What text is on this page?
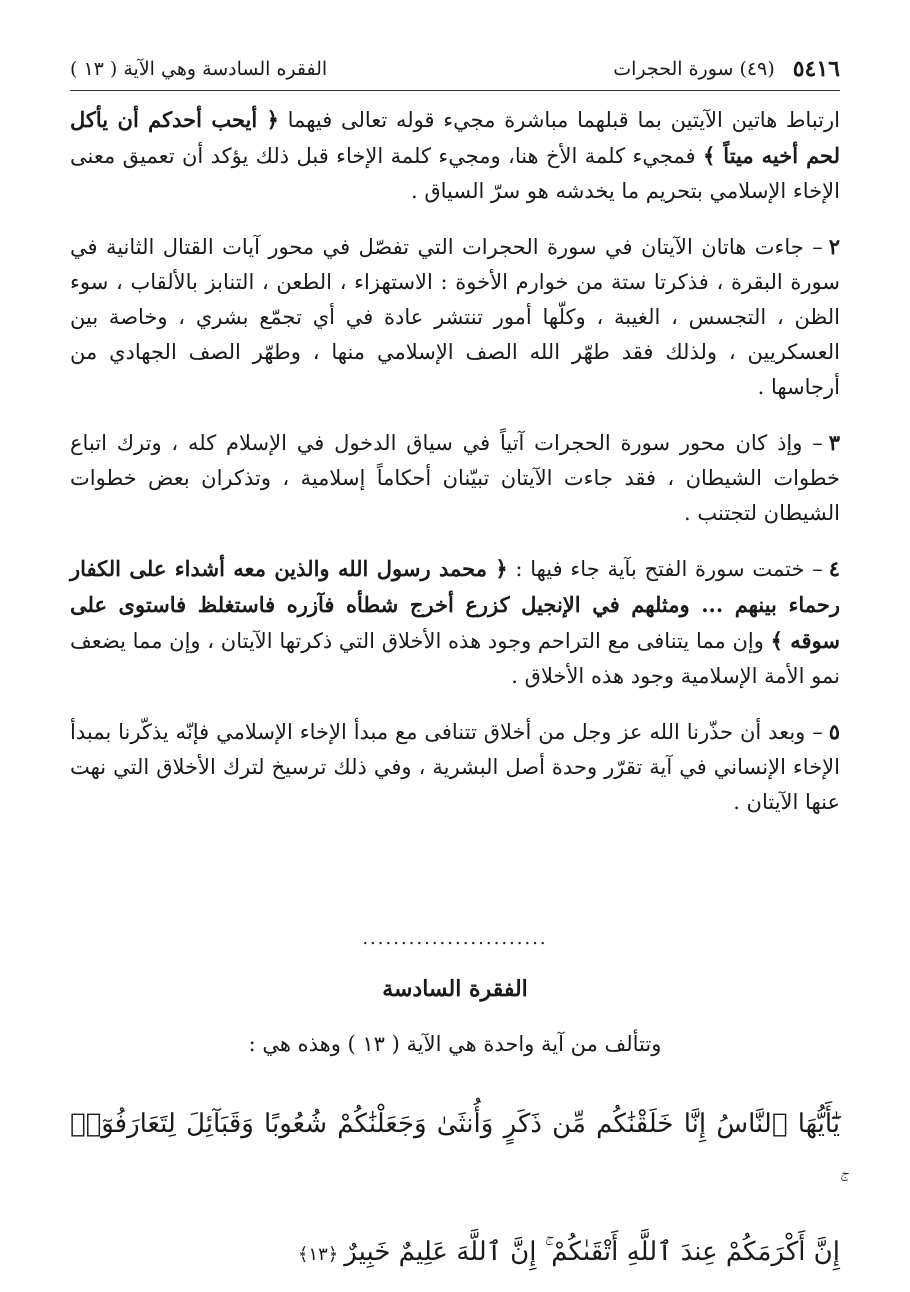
٥٤١٦
(٤٩) سورة الحجرات
الفقره السادسة وهي الآية ( ١٣ )

ارتباط هاتين الآيتين بما قبلهما مباشرة مجيء قوله تعالى فيهما ﴿ أيحب أحدكم أن يأكل لحم أخيه ميتاً ﴾ فمجيء كلمة الأخ هنا، ومجيء كلمة الإخاء قبل ذلك يؤكد أن تعميق معنى الإخاء الإسلامي بتحريم ما يخدشه هو سرّ السياق .

٢– جاءت هاتان الآيتان في سورة الحجرات التي تفصّل في محور آيات القتال الثانية في سورة البقرة ، فذكرتا ستة من خوارم الأخوة : الاستهزاء ، الطعن ، التنابز بالألقاب ، سوء الظن ، التجسس ، الغيبة ، وكلّها أمور تنتشر عادة في أي تجمّع بشري ، وخاصة بين العسكريين ، ولذلك فقد طهّر الله الصف الإسلامي منها ، وطهّر الصف الجهادي من أرجاسها .

٣– وإذ كان محور سورة الحجرات آتياً في سياق الدخول في الإسلام كله ، وترك اتباع خطوات الشيطان ، فقد جاءت الآيتان تبيّنان أحكاماً إسلامية ، وتذكران بعض خطوات الشيطان لتجتنب .

٤– ختمت سورة الفتح بآية جاء فيها : ﴿ محمد رسول الله والذين معه أشداء على الكفار رحماء بينهم ... ومثلهم في الإنجيل كزرع أخرج شطأه فآزره فاستغلظ فاستوى على سوقه ﴾ وإن مما يتنافى مع التراحم وجود هذه الأخلاق التي ذكرتها الآيتان ، وإن مما يضعف نمو الأمة الإسلامية وجود هذه الأخلاق .

٥– وبعد أن حذّرنا الله عز وجل من أخلاق تتنافى مع مبدأ الإخاء الإسلامي فإنّه يذكّرنا بمبدأ الإخاء الإنساني في آية تقرّر وحدة أصل البشرية ، وفي ذلك ترسيخ لترك الأخلاق التي نهت عنها الآيتان .

........................
الفقرة السادسة
وتتألف من آية واحدة هي الآية ( ١٣ ) وهذه هي :
يَٰٓأَيُّهَا ٱلنَّاسُ إِنَّا خَلَقْنَٰكُم مِّن ذَكَرٍ وَأُنثَىٰ وَجَعَلْنَٰكُمْ شُعُوبًا وَقَبَآئِلَ لِتَعَارَفُوٓا۟
إِنَّ أَكْرَمَكُمْ عِندَ ٱللَّهِ أَتْقَىٰكُمْ ۚ إِنَّ ٱللَّهَ عَلِيمٌ خَبِيرٌ﴿١٣﴾
